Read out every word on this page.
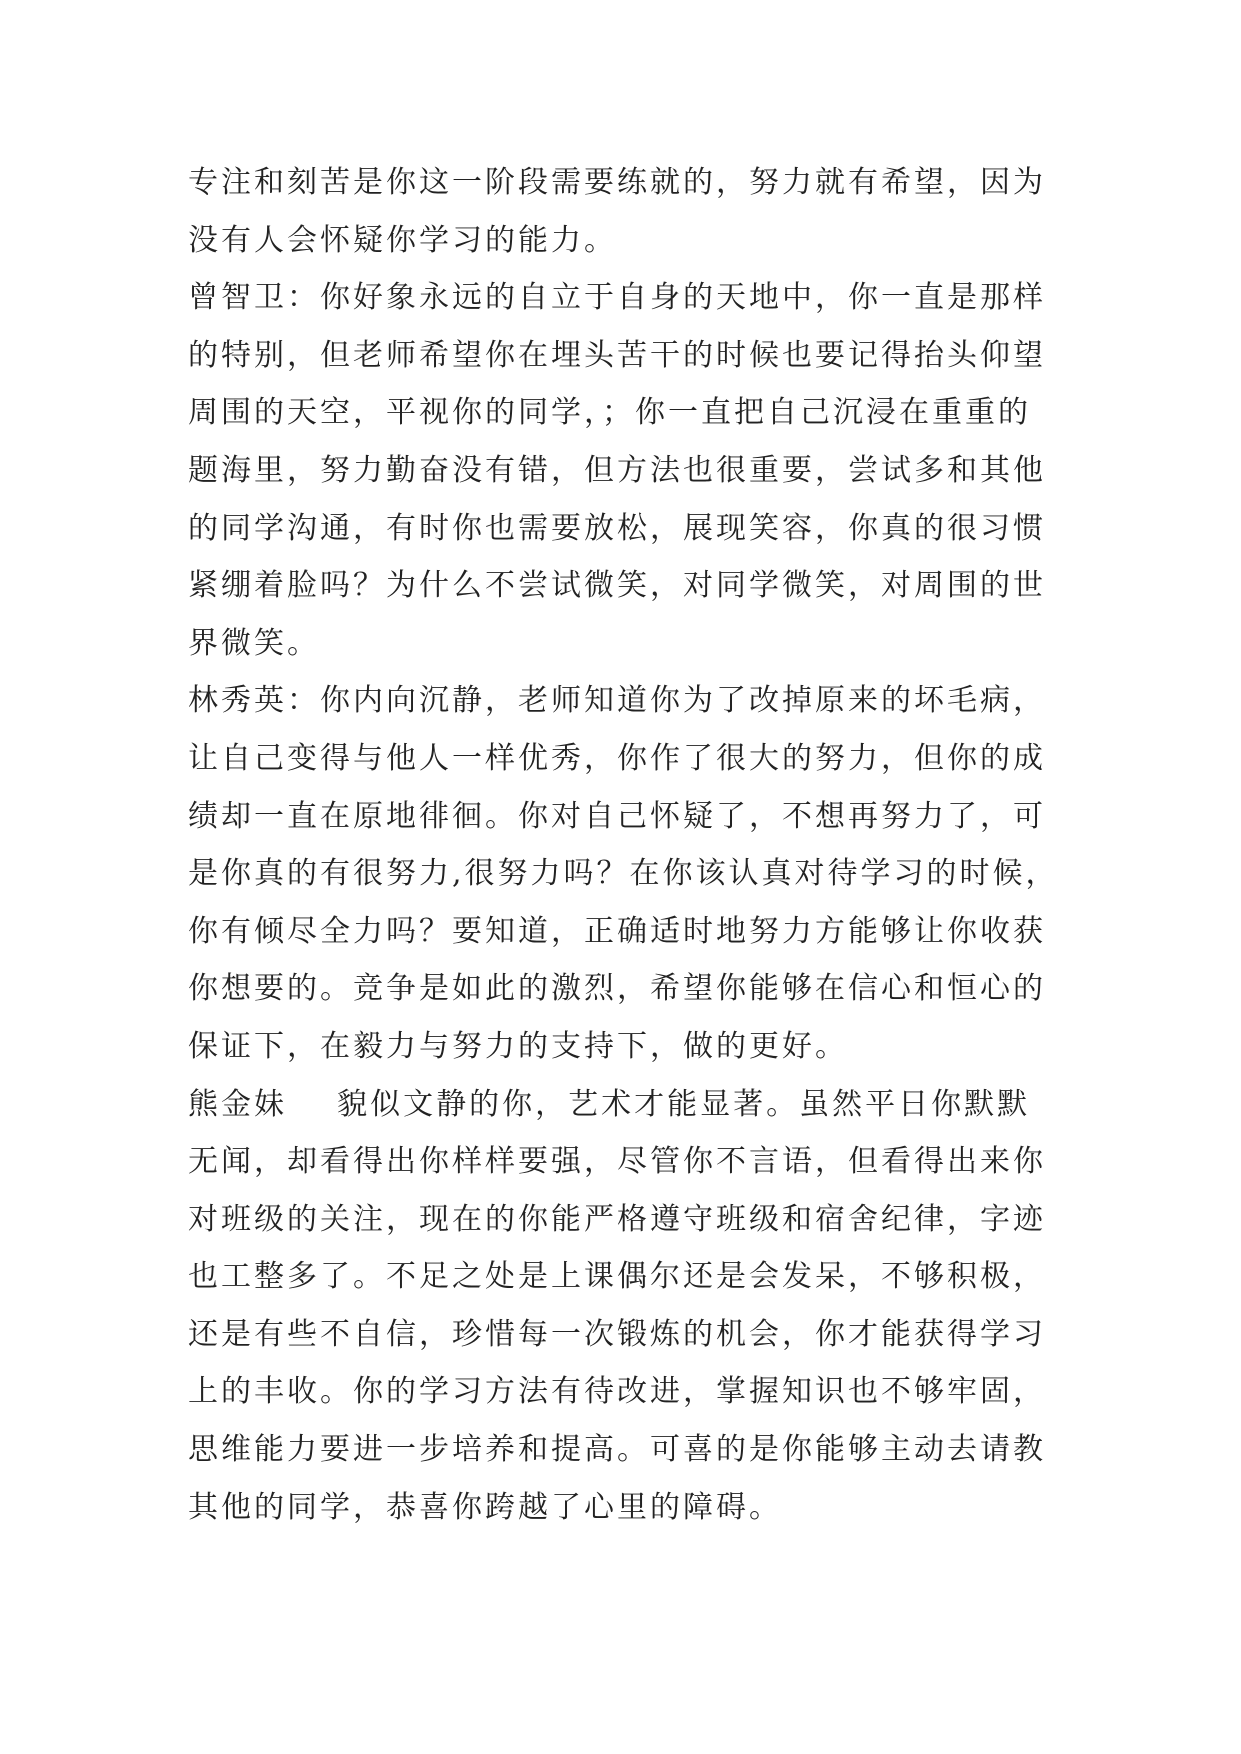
专注和刻苦是你这一阶段需要练就的，努力就有希望，因为
没有人会怀疑你学习的能力。
曾智卫：你好象永远的自立于自身的天地中，你一直是那样
的特别，但老师希望你在埋头苦干的时候也要记得抬头仰望
周围的天空，平视你的同学，；你一直把自己沉浸在重重的
题海里，努力勤奋没有错，但方法也很重要，尝试多和其他
的同学沟通，有时你也需要放松，展现笑容，你真的很习惯
紧绷着脸吗？为什么不尝试微笑，对同学微笑，对周围的世
界微笑。
林秀英：你内向沉静，老师知道你为了改掉原来的坏毛病，
让自己变得与他人一样优秀，你作了很大的努力，但你的成
绩却一直在原地徘徊。你对自己怀疑了，不想再努力了，可
是你真的有很努力,很努力吗？在你该认真对待学习的时候，
你有倾尽全力吗？要知道，正确适时地努力方能够让你收获
你想要的。竞争是如此的激烈，希望你能够在信心和恒心的
保证下，在毅力与努力的支持下，做的更好。
熊金妹    貌似文静的你，艺术才能显著。虽然平日你默默
无闻，却看得出你样样要强，尽管你不言语，但看得出来你
对班级的关注，现在的你能严格遵守班级和宿舍纪律，字迹
也工整多了。不足之处是上课偶尔还是会发呆，不够积极，
还是有些不自信，珍惜每一次锻炼的机会，你才能获得学习
上的丰收。你的学习方法有待改进，掌握知识也不够牢固，
思维能力要进一步培养和提高。可喜的是你能够主动去请教
其他的同学，恭喜你跨越了心里的障碍。
